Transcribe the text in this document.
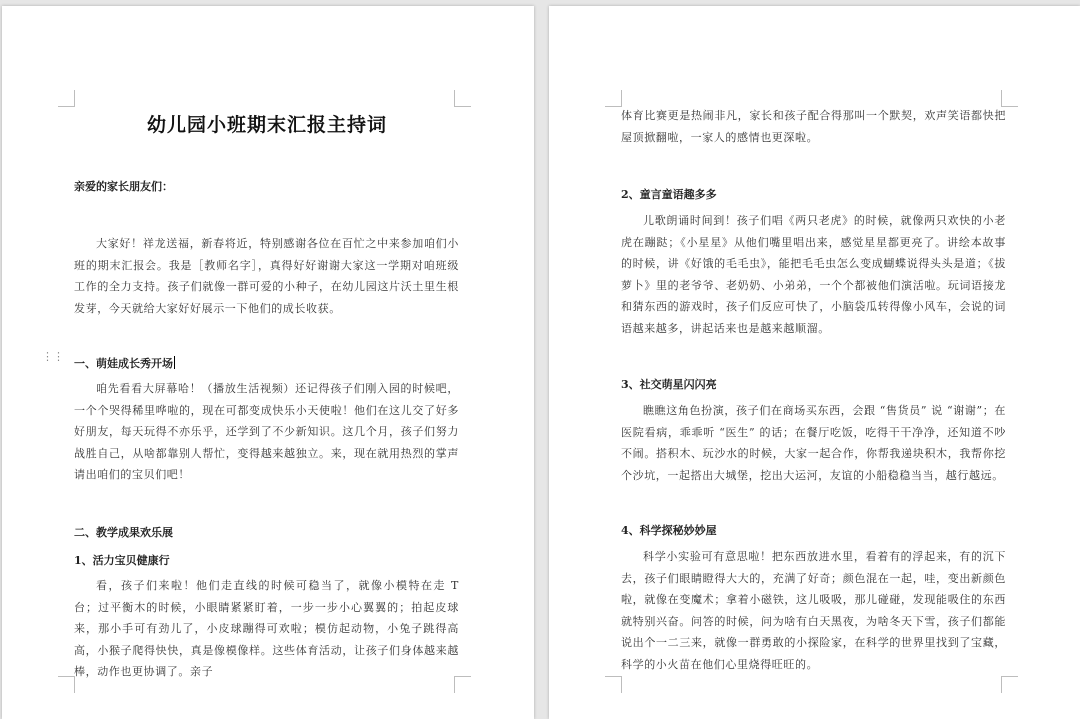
幼儿园小班期末汇报主持词
亲爱的家长朋友们：
大家好！祥龙送福，新春将近，特别感谢各位在百忙之中来参加咱们小班的期末汇报会。我是［教师名字］，真得好好谢谢大家这一学期对咱班级工作的全力支持。孩子们就像一群可爱的小种子，在幼儿园这片沃土里生根发芽，今天就给大家好好展示一下他们的成长收获。
⋮⋮
一、萌娃成长秀开场
咱先看看大屏幕哈！（播放生活视频）还记得孩子们刚入园的时候吧，一个个哭得稀里哗啦的，现在可都变成快乐小天使啦！他们在这儿交了好多好朋友，每天玩得不亦乐乎，还学到了不少新知识。这几个月，孩子们努力战胜自己，从啥都靠别人帮忙，变得越来越独立。来，现在就用热烈的掌声请出咱们的宝贝们吧！
二、教学成果欢乐展
1、活力宝贝健康行
看，孩子们来啦！他们走直线的时候可稳当了，就像小模特在走 T 台；过平衡木的时候，小眼睛紧紧盯着，一步一步小心翼翼的；拍起皮球来，那小手可有劲儿了，小皮球蹦得可欢啦；模仿起动物，小兔子跳得高高，小猴子爬得快快，真是像模像样。这些体育活动，让孩子们身体越来越棒，动作也更协调了。亲子
体育比赛更是热闹非凡，家长和孩子配合得那叫一个默契，欢声笑语都快把屋顶掀翻啦，一家人的感情也更深啦。
2、童言童语趣多多
儿歌朗诵时间到！孩子们唱《两只老虎》的时候，就像两只欢快的小老虎在蹦跶；《小星星》从他们嘴里唱出来，感觉星星都更亮了。讲绘本故事的时候，讲《好饿的毛毛虫》，能把毛毛虫怎么变成蝴蝶说得头头是道；《拔萝卜》里的老爷爷、老奶奶、小弟弟，一个个都被他们演活啦。玩词语接龙和猜东西的游戏时，孩子们反应可快了，小脑袋瓜转得像小风车，会说的词语越来越多，讲起话来也是越来越顺溜。
3、社交萌星闪闪亮
瞧瞧这角色扮演，孩子们在商场买东西，会跟 “售货员” 说 “谢谢”；在医院看病，乖乖听 “医生” 的话；在餐厅吃饭，吃得干干净净，还知道不吵不闹。搭积木、玩沙水的时候，大家一起合作，你帮我递块积木，我帮你挖个沙坑，一起搭出大城堡，挖出大运河，友谊的小船稳稳当当，越行越远。
4、科学探秘妙妙屋
科学小实验可有意思啦！把东西放进水里，看着有的浮起来，有的沉下去，孩子们眼睛瞪得大大的，充满了好奇；颜色混在一起，哇，变出新颜色啦，就像在变魔术；拿着小磁铁，这儿吸吸，那儿碰碰，发现能吸住的东西就特别兴奋。问答的时候，问为啥有白天黑夜，为啥冬天下雪，孩子们都能说出个一二三来，就像一群勇敢的小探险家，在科学的世界里找到了宝藏，科学的小火苗在他们心里烧得旺旺的。
